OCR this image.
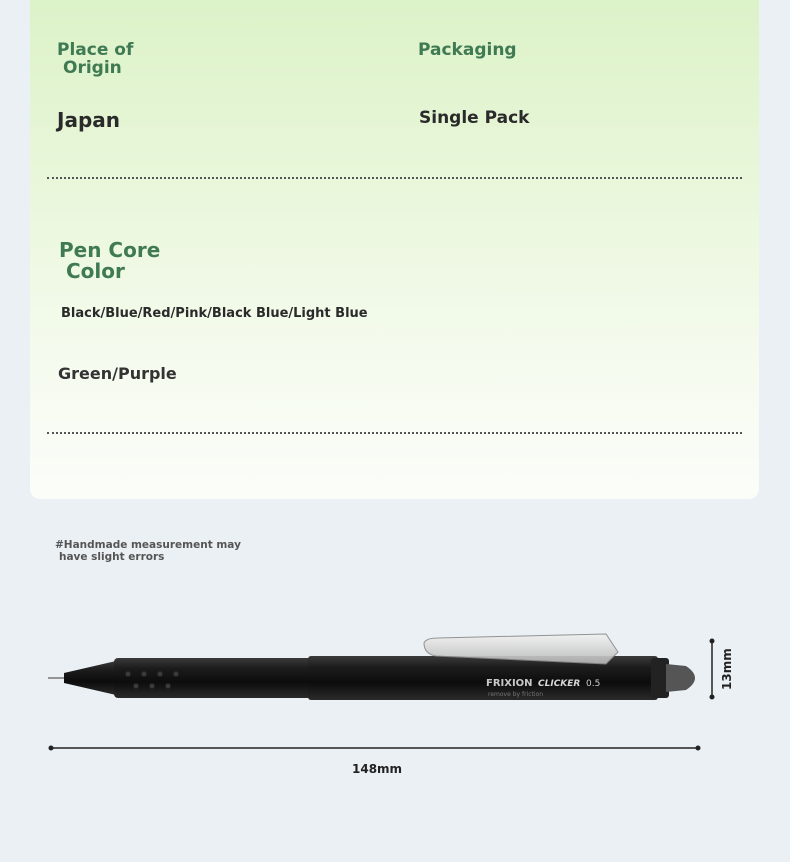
Place of
Origin
Packaging
Japan	Single Pack
Pen Core
Color
Black/Blue/Red/Pink/Black Blue/Light Blue
Green/Purple
#Handmade measurement may
have slight errors
FRIXION CLICKER 0.5
remove by friction
148mm
13mm
